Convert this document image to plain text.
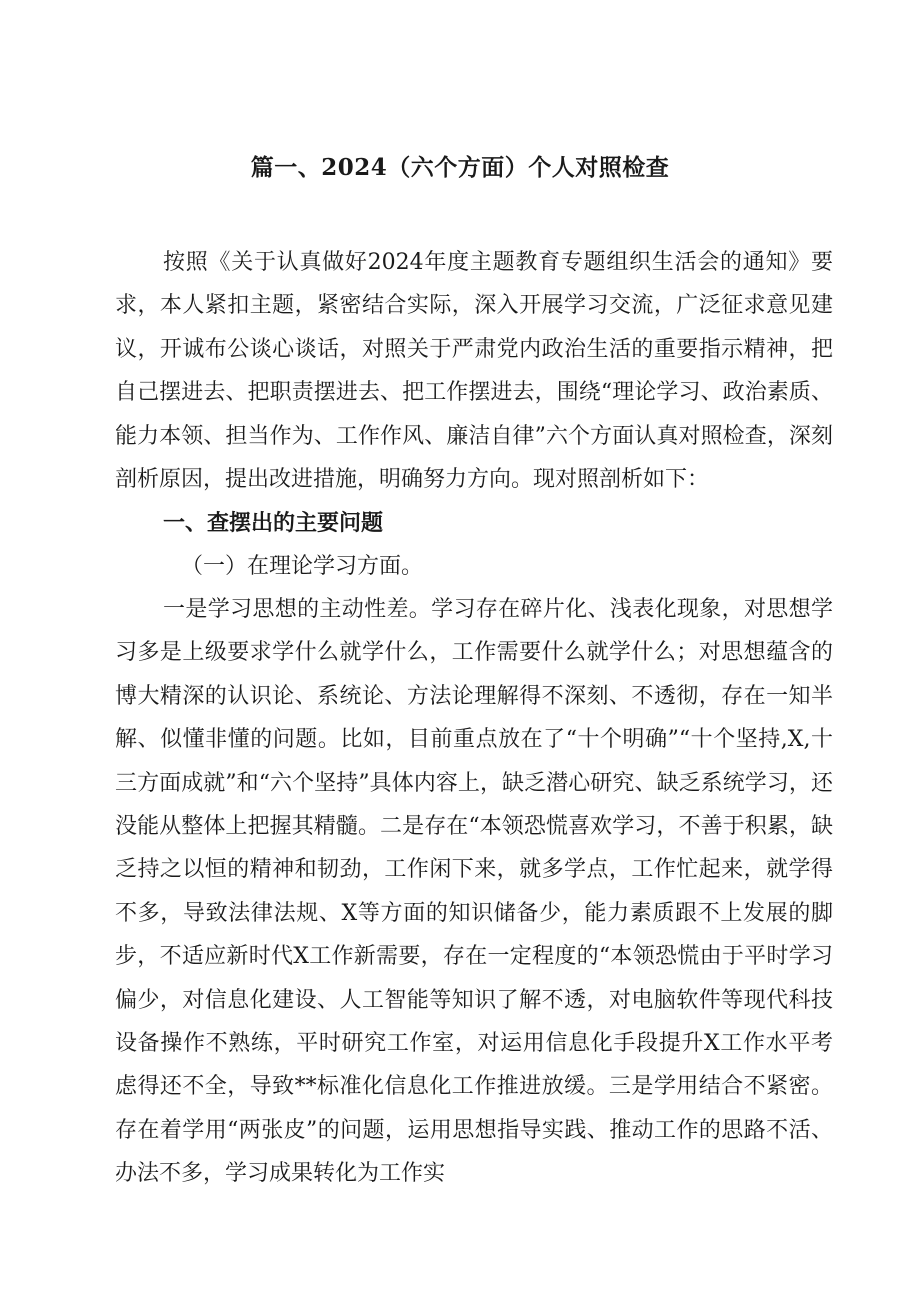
篇一、2024（六个方面）个人对照检查

按照《关于认真做好2024年度主题教育专题组织生活会的通知》要求，本人紧扣主题，紧密结合实际，深入开展学习交流，广泛征求意见建议，开诚布公谈心谈话，对照关于严肃党内政治生活的重要指示精神，把自己摆进去、把职责摆进去、把工作摆进去，围绕“理论学习、政治素质、能力本领、担当作为、工作作风、廉洁自律”六个方面认真对照检查，深刻剖析原因，提出改进措施，明确努力方向。现对照剖析如下：

一、查摆出的主要问题

（一）在理论学习方面。

一是学习思想的主动性差。学习存在碎片化、浅表化现象，对思想学习多是上级要求学什么就学什么，工作需要什么就学什么；对思想蕴含的博大精深的认识论、系统论、方法论理解得不深刻、不透彻，存在一知半解、似懂非懂的问题。比如，目前重点放在了“十个明确”“十个坚持,X,十三方面成就”和“六个坚持”具体内容上，缺乏潜心研究、缺乏系统学习，还没能从整体上把握其精髓。二是存在“本领恐慌喜欢学习，不善于积累，缺乏持之以恒的精神和韧劲，工作闲下来，就多学点，工作忙起来，就学得不多，导致法律法规、X等方面的知识储备少，能力素质跟不上发展的脚步，不适应新时代X工作新需要，存在一定程度的“本领恐慌由于平时学习偏少，对信息化建设、人工智能等知识了解不透，对电脑软件等现代科技设备操作不熟练，平时研究工作室，对运用信息化手段提升X工作水平考虑得还不全，导致**标准化信息化工作推进放缓。三是学用结合不紧密。存在着学用“两张皮”的问题，运用思想指导实践、推动工作的思路不活、办法不多，学习成果转化为工作实
